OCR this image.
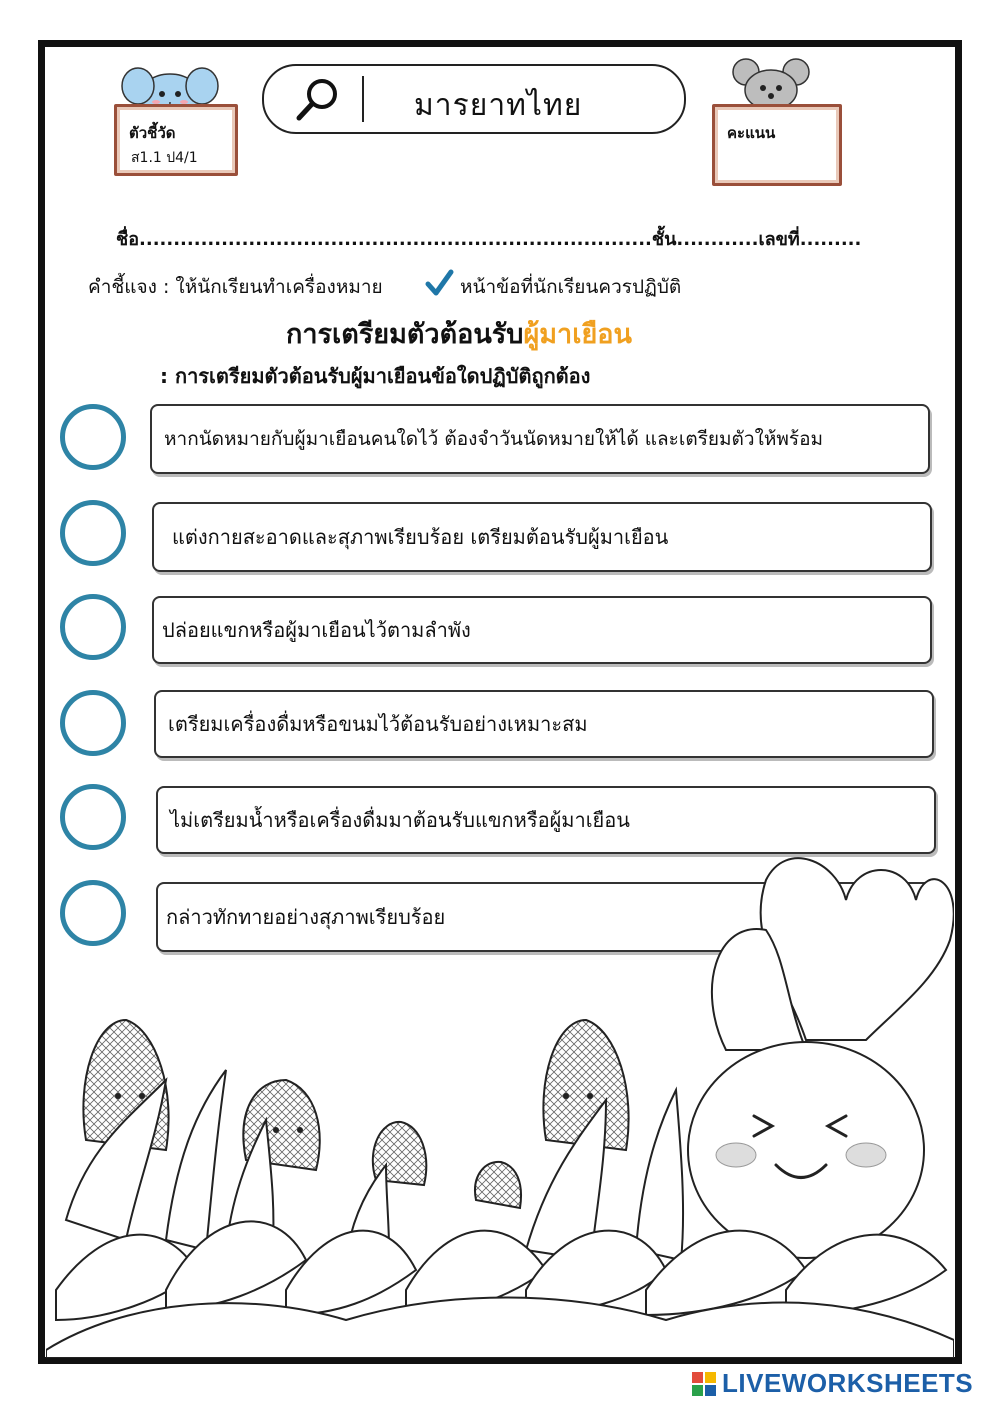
ตัวชี้วัด
ส1.1 ป4/1
มารยาทไทย
คะแนน
ชื่อ...........................................................................ชั้น............เลขที่.........
คำชี้แจง : ให้นักเรียนทำเครื่องหมาย	หน้าข้อที่นักเรียนควรปฏิบัติ
การเตรียมตัวต้อนรับผู้มาเยือน
: การเตรียมตัวต้อนรับผู้มาเยือนข้อใดปฏิบัติถูกต้อง
หากนัดหมายกับผู้มาเยือนคนใดไว้ ต้องจำวันนัดหมายให้ได้ และเตรียมตัวให้พร้อม
แต่งกายสะอาดและสุภาพเรียบร้อย เตรียมต้อนรับผู้มาเยือน
ปล่อยแขกหรือผู้มาเยือนไว้ตามลำพัง
เตรียมเครื่องดื่มหรือขนมไว้ต้อนรับอย่างเหมาะสม
ไม่เตรียมน้ำหรือเครื่องดื่มมาต้อนรับแขกหรือผู้มาเยือน
กล่าวทักทายอย่างสุภาพเรียบร้อย
LIVEWORKSHEETS
